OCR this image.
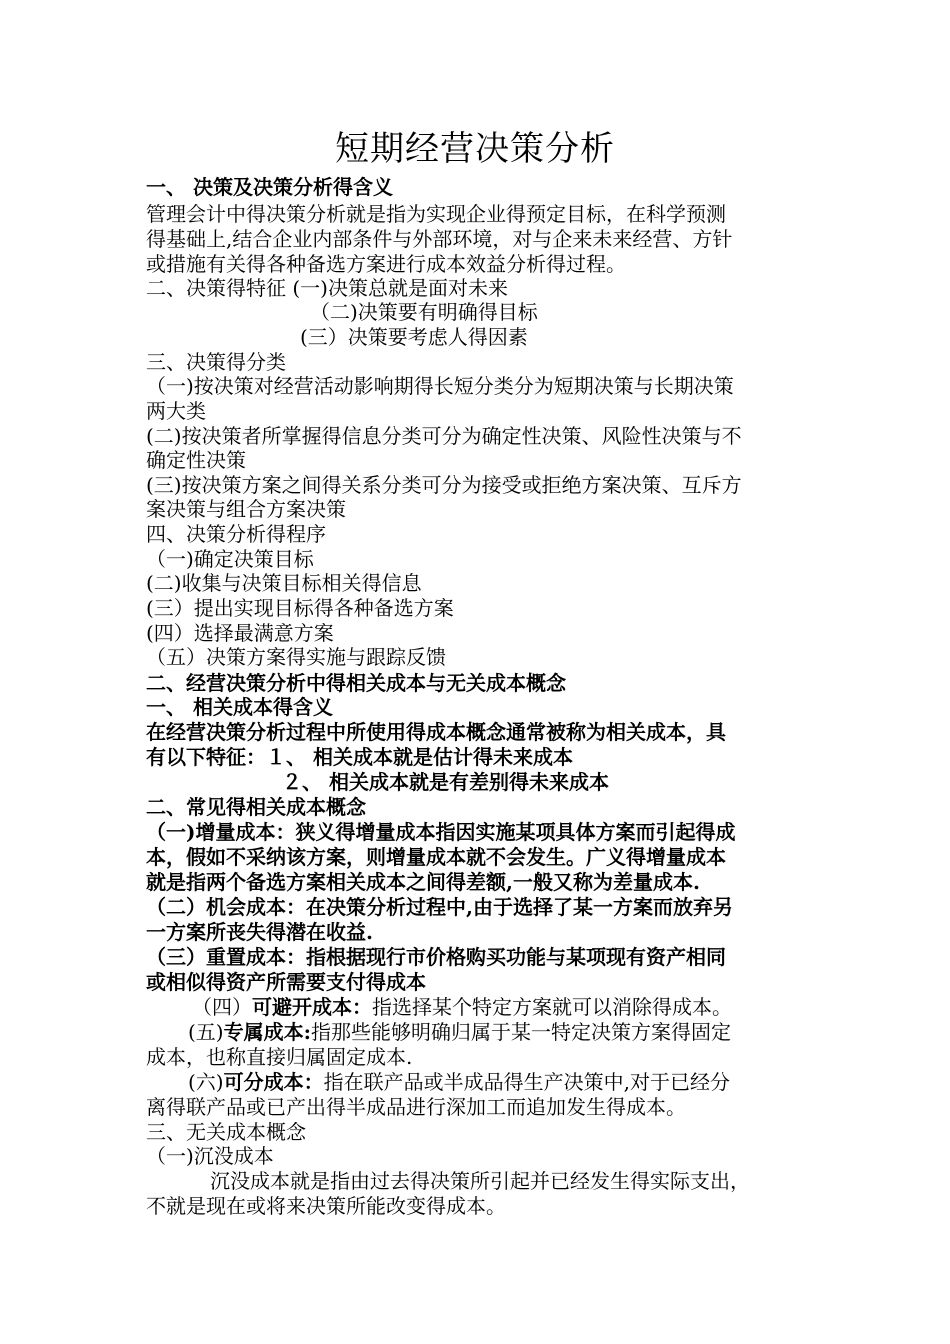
短期经营决策分析
一、 决策及决策分析得含义
管理会计中得决策分析就是指为实现企业得预定目标，在科学预测
得基础上,结合企业内部条件与外部环境，对与企来未来经营、方针
或措施有关得各种备选方案进行成本效益分析得过程。
二、决策得特征 (一)决策总就是面对未来
（二)决策要有明确得目标
(三）决策要考虑人得因素
三、决策得分类
（一)按决策对经营活动影响期得长短分类分为短期决策与长期决策
两大类
(二)按决策者所掌握得信息分类可分为确定性决策、风险性决策与不
确定性决策
(三)按决策方案之间得关系分类可分为接受或拒绝方案决策、互斥方
案决策与组合方案决策
四、决策分析得程序
（一)确定决策目标
(二)收集与决策目标相关得信息
(三）提出实现目标得各种备选方案
(四）选择最满意方案
（五）决策方案得实施与跟踪反馈
二、经营决策分析中得相关成本与无关成本概念
一、 相关成本得含义
在经营决策分析过程中所使用得成本概念通常被称为相关成本，具
有以下特征：１、 相关成本就是估计得未来成本
２、 相关成本就是有差别得未来成本
二、常见得相关成本概念
（一)增量成本：狭义得增量成本指因实施某项具体方案而引起得成
本，假如不采纳该方案，则增量成本就不会发生。广义得增量成本
就是指两个备选方案相关成本之间得差额,一般又称为差量成本.
（二）机会成本：在决策分析过程中,由于选择了某一方案而放弃另
一方案所丧失得潜在收益.
（三）重置成本：指根据现行市价格购买功能与某项现有资产相同
或相似得资产所需要支付得成本
（四）可避开成本：指选择某个特定方案就可以消除得成本。
(五)专属成本:指那些能够明确归属于某一特定决策方案得固定
成本，也称直接归属固定成本.
(六)可分成本：指在联产品或半成品得生产决策中,对于已经分
离得联产品或已产出得半成品进行深加工而追加发生得成本。
三、无关成本概念
（一)沉没成本
沉没成本就是指由过去得决策所引起并已经发生得实际支出，
不就是现在或将来决策所能改变得成本。
